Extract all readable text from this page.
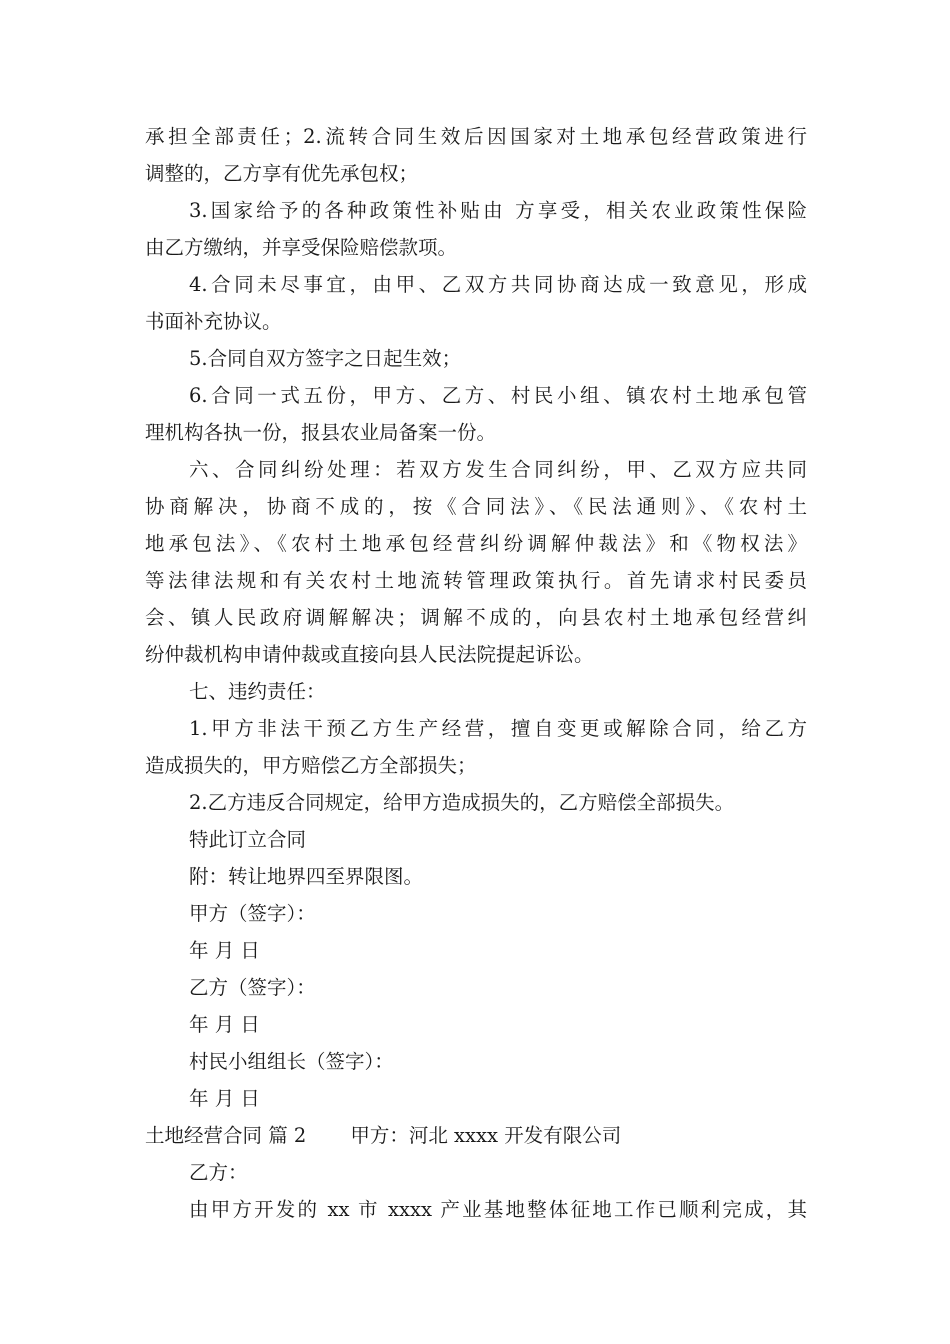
承担全部责任；2.流转合同生效后因国家对土地承包经营政策进行
调整的，乙方享有优先承包权；
3.国家给予的各种政策性补贴由 方享受，相关农业政策性保险
由乙方缴纳，并享受保险赔偿款项。
4.合同未尽事宜，由甲、乙双方共同协商达成一致意见，形成
书面补充协议。
5.合同自双方签字之日起生效；
6.合同一式五份，甲方、乙方、村民小组、镇农村土地承包管
理机构各执一份，报县农业局备案一份。
六、合同纠纷处理：若双方发生合同纠纷，甲、乙双方应共同
协商解决，协商不成的，按《合同法》、《民法通则》、《农村土
地承包法》、《农村土地承包经营纠纷调解仲裁法》和《物权法》
等法律法规和有关农村土地流转管理政策执行。首先请求村民委员
会、镇人民政府调解解决；调解不成的，向县农村土地承包经营纠
纷仲裁机构申请仲裁或直接向县人民法院提起诉讼。
七、违约责任：
1.甲方非法干预乙方生产经营，擅自变更或解除合同，给乙方
造成损失的，甲方赔偿乙方全部损失；
2.乙方违反合同规定，给甲方造成损失的，乙方赔偿全部损失。
特此订立合同
附：转让地界四至界限图。
甲方（签字）：
年 月 日
乙方（签字）：
年 月 日
村民小组组长（签字）：
年 月 日
土地经营合同 篇 2 甲方：河北 xxxx 开发有限公司
乙方：
由甲方开发的 xx 市 xxxx 产业基地整体征地工作已顺利完成，其
